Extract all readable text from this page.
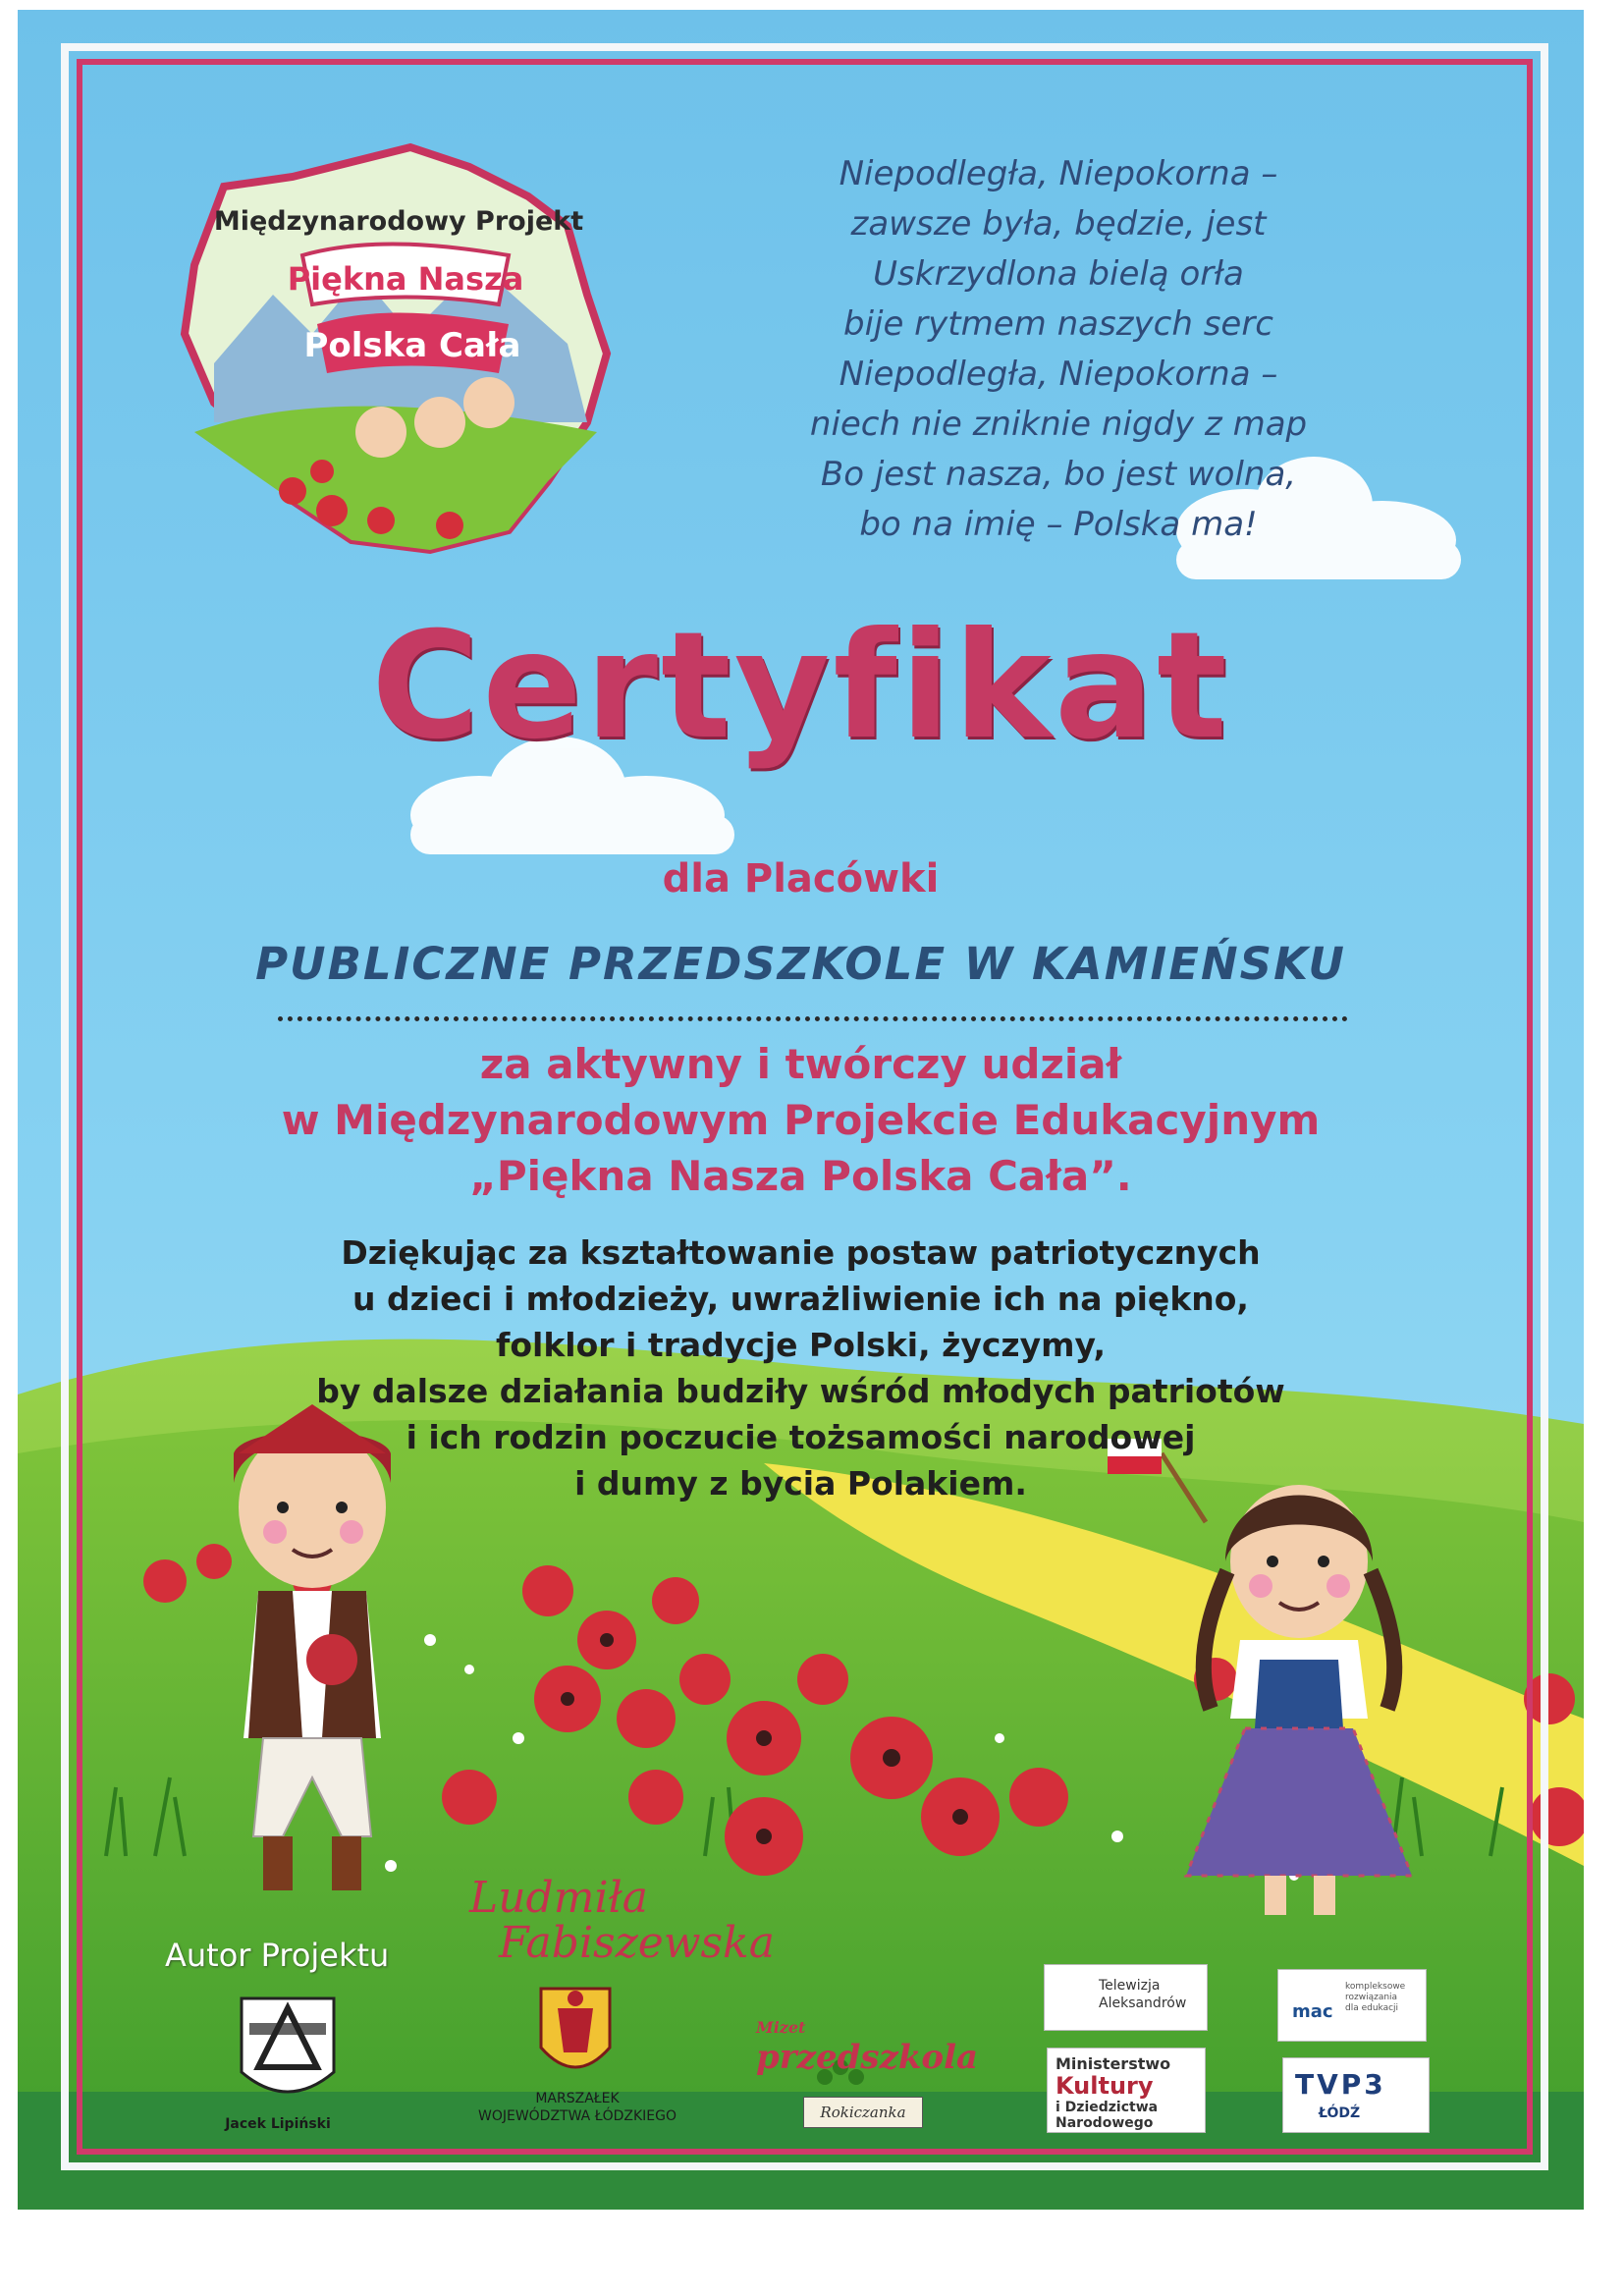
Piękna Nasza
Polska Cała
Międzynarodowy Projekt
Niepodległa, Niepokorna –
zawsze była, będzie, jest
Uskrzydlona bielą orła
bije rytmem naszych serc
Niepodległa, Niepokorna –
niech nie zniknie nigdy z map
Bo jest nasza, bo jest wolna,
bo na imię – Polska ma!
Certyfikat
dla Placówki
PUBLICZNE PRZEDSZKOLE W KAMIEŃSKU
za aktywny i twórczy udział
w Międzynarodowym Projekcie Edukacyjnym
„Piękna Nasza Polska Cała”.
Dziękując za kształtowanie postaw patriotycznych
u dzieci i młodzieży, uwrażliwienie ich na piękno,
folklor i tradycje Polski, życzymy,
by dalsze działania budziły wśród młodych patriotów
i ich rodzin poczucie tożsamości narodowej
i dumy z bycia Polakiem.
Autor Projektu
Ludmiła
Fabiszewska
Jacek Lipiński
MARSZAŁEK
WOJEWÓDZTWA ŁÓDZKIEGO
Mizet
przedszkola
Rokiczanka
Telewizja
Aleksandrów	mac
kompleksowe
rozwiązania
dla edukacji
Ministerstwo
Kultury
i Dziedzictwa
Narodowego
TVP3
ŁÓDŹ
